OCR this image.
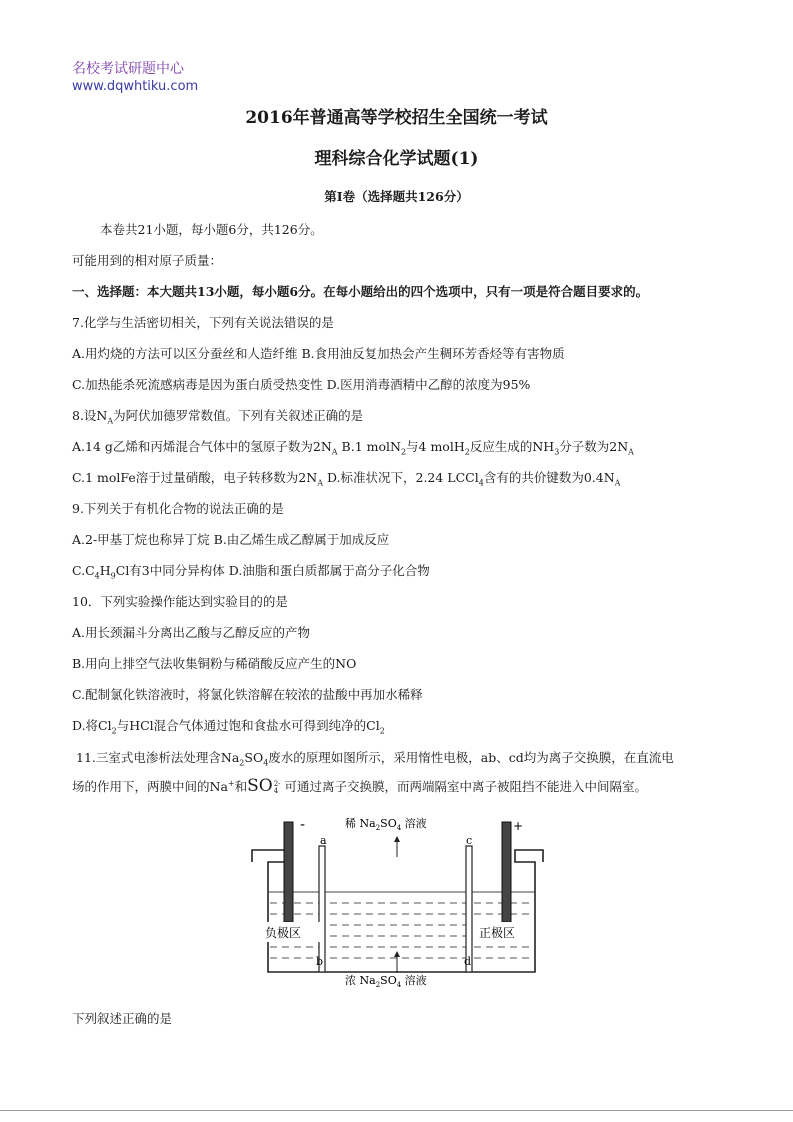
名校考试研题中心
www.dqwhtiku.com
2016年普通高等学校招生全国统一考试
理科综合化学试题(1)
第Ⅰ卷（选择题共126分）
本卷共21小题，每小题6分，共126分。
可能用到的相对原子质量：
一、选择题：本大题共13小题，每小题6分。在每小题给出的四个选项中，只有一项是符合题目要求的。
7.化学与生活密切相关，下列有关说法错误的是
A.用灼烧的方法可以区分蚕丝和人造纤维 B.食用油反复加热会产生稠环芳香烃等有害物质
C.加热能杀死流感病毒是因为蛋白质受热变性 D.医用消毒酒精中乙醇的浓度为95%
8.设$N_A$为阿伏加德罗常数值。下列有关叙述正确的是
A.14 g乙烯和丙烯混合气体中的氢原子数为$2N_A$ B.1 molN$_2$与4 molH$_2$反应生成的$NH_3$分子数为$2N_A$
C.1 molFe溶于过量硝酸，电子转移数为$2N_A$ D.标准状况下，2.24 LCCl$_4$含有的共价键数为$0.4N_A$
9.下列关于有机化合物的说法正确的是
A.2-甲基丁烷也称异丁烷 B.由乙烯生成乙醇属于加成反应
$C.C_4H_9Cl$有3中同分异构体 D.油脂和蛋白质都属于高分子化合物
10．下列实验操作能达到实验目的的是
A.用长颈漏斗分离出乙酸与乙醇反应的产物
B.用向上排空气法收集铜粉与稀硝酸反应产生的NO
C.配制氯化铁溶液时，将氯化铁溶解在较浓的盐酸中再加水稀释
D.将$Cl_2$与HCl混合气体通过饱和食盐水可得到纯净的$Cl_2$
11.三室式电渗析法处理含$Na_2SO_4$废水的原理如图所示，采用惰性电极，ab、cd均为离子交换膜，在直流电
场的作用下，两膜中间的Na+和SO 2-
4 可通过离子交换膜，而两端隔室中离子被阻挡不能进入中间隔室。
-	+
a	c
b	d
负极区	正极区
稀 $Na_2SO_4$ 溶液
浓 $Na_2SO_4$ 溶液
下列叙述正确的是
